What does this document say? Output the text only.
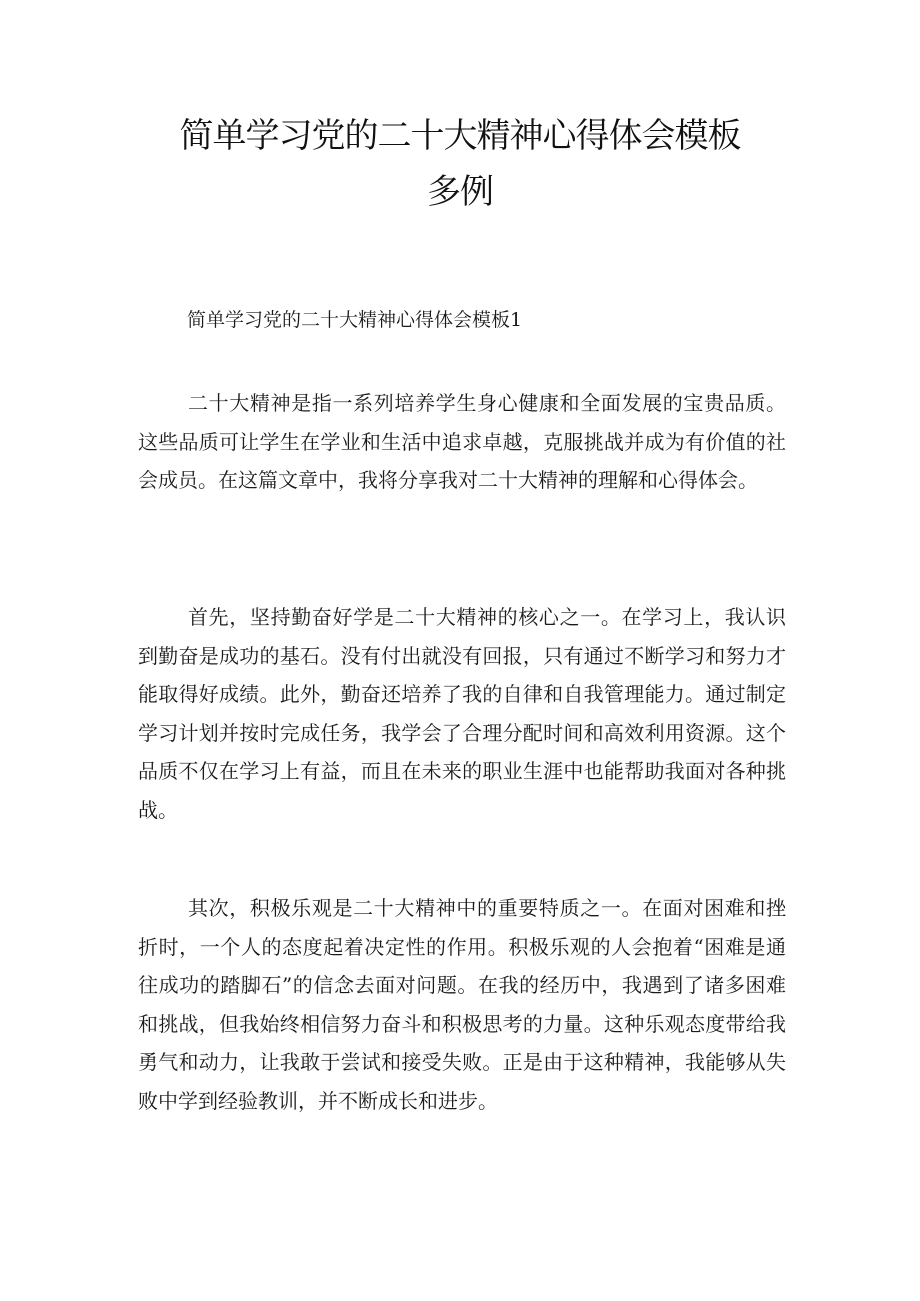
简单学习党的二十大精神心得体会模板多例

简单学习党的二十大精神心得体会模板1

二十大精神是指一系列培养学生身心健康和全面发展的宝贵品质。这些品质可让学生在学业和生活中追求卓越，克服挑战并成为有价值的社会成员。在这篇文章中，我将分享我对二十大精神的理解和心得体会。

首先，坚持勤奋好学是二十大精神的核心之一。在学习上，我认识到勤奋是成功的基石。没有付出就没有回报，只有通过不断学习和努力才能取得好成绩。此外，勤奋还培养了我的自律和自我管理能力。通过制定学习计划并按时完成任务，我学会了合理分配时间和高效利用资源。这个品质不仅在学习上有益，而且在未来的职业生涯中也能帮助我面对各种挑战。

其次，积极乐观是二十大精神中的重要特质之一。在面对困难和挫折时，一个人的态度起着决定性的作用。积极乐观的人会抱着“困难是通往成功的踏脚石”的信念去面对问题。在我的经历中，我遇到了诸多困难和挑战，但我始终相信努力奋斗和积极思考的力量。这种乐观态度带给我勇气和动力，让我敢于尝试和接受失败。正是由于这种精神，我能够从失败中学到经验教训，并不断成长和进步。
